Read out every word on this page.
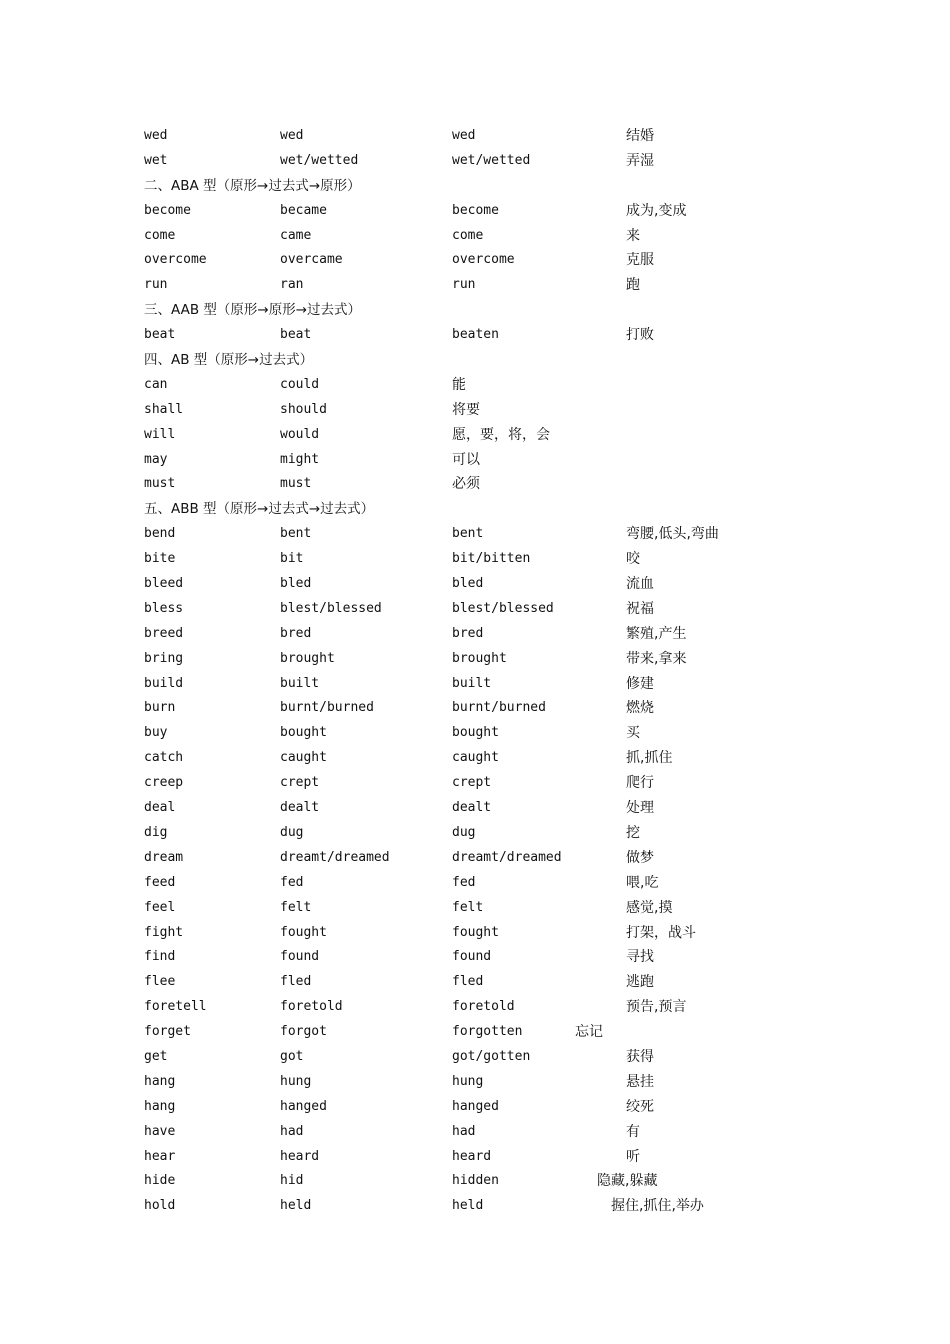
wed	wed	wed	结婚
wet	wet/wetted	wet/wetted	弄湿
二、ABA 型（原形→过去式→原形）
become	became	become	成为,变成
come	came	come	来
overcome	overcame	overcome	克服
run	ran	run	跑
三、AAB 型（原形→原形→过去式）
beat	beat	beaten	打败
四、AB 型（原形→过去式）
can	could	能
shall	should	将要
will	would	愿，要，将，会
may	might	可以
must	must	必须
五、ABB 型（原形→过去式→过去式）
bend	bent	bent	弯腰,低头,弯曲
bite	bit	bit/bitten	咬
bleed	bled	bled	流血
bless	blest/blessed	blest/blessed	祝福
breed	bred	bred	繁殖,产生
bring	brought	brought	带来,拿来
build	built	built	修建
burn	burnt/burned	burnt/burned	燃烧
buy	bought	bought	买
catch	caught	caught	抓,抓住
creep	crept	crept	爬行
deal	dealt	dealt	处理
dig	dug	dug	挖
dream	dreamt/dreamed	dreamt/dreamed	做梦
feed	fed	fed	喂,吃
feel	felt	felt	感觉,摸
fight	fought	fought	打架，战斗
find	found	found	寻找
flee	fled	fled	逃跑
foretell	foretold	foretold	预告,预言
forget	forgot	forgotten	忘记
get	got	got/gotten	获得
hang	hung	hung	悬挂
hang	hanged	hanged	绞死
have	had	had	有
hear	heard	heard	听
hide	hid	hidden	隐藏,躲藏
hold	held	held	握住,抓住,举办
